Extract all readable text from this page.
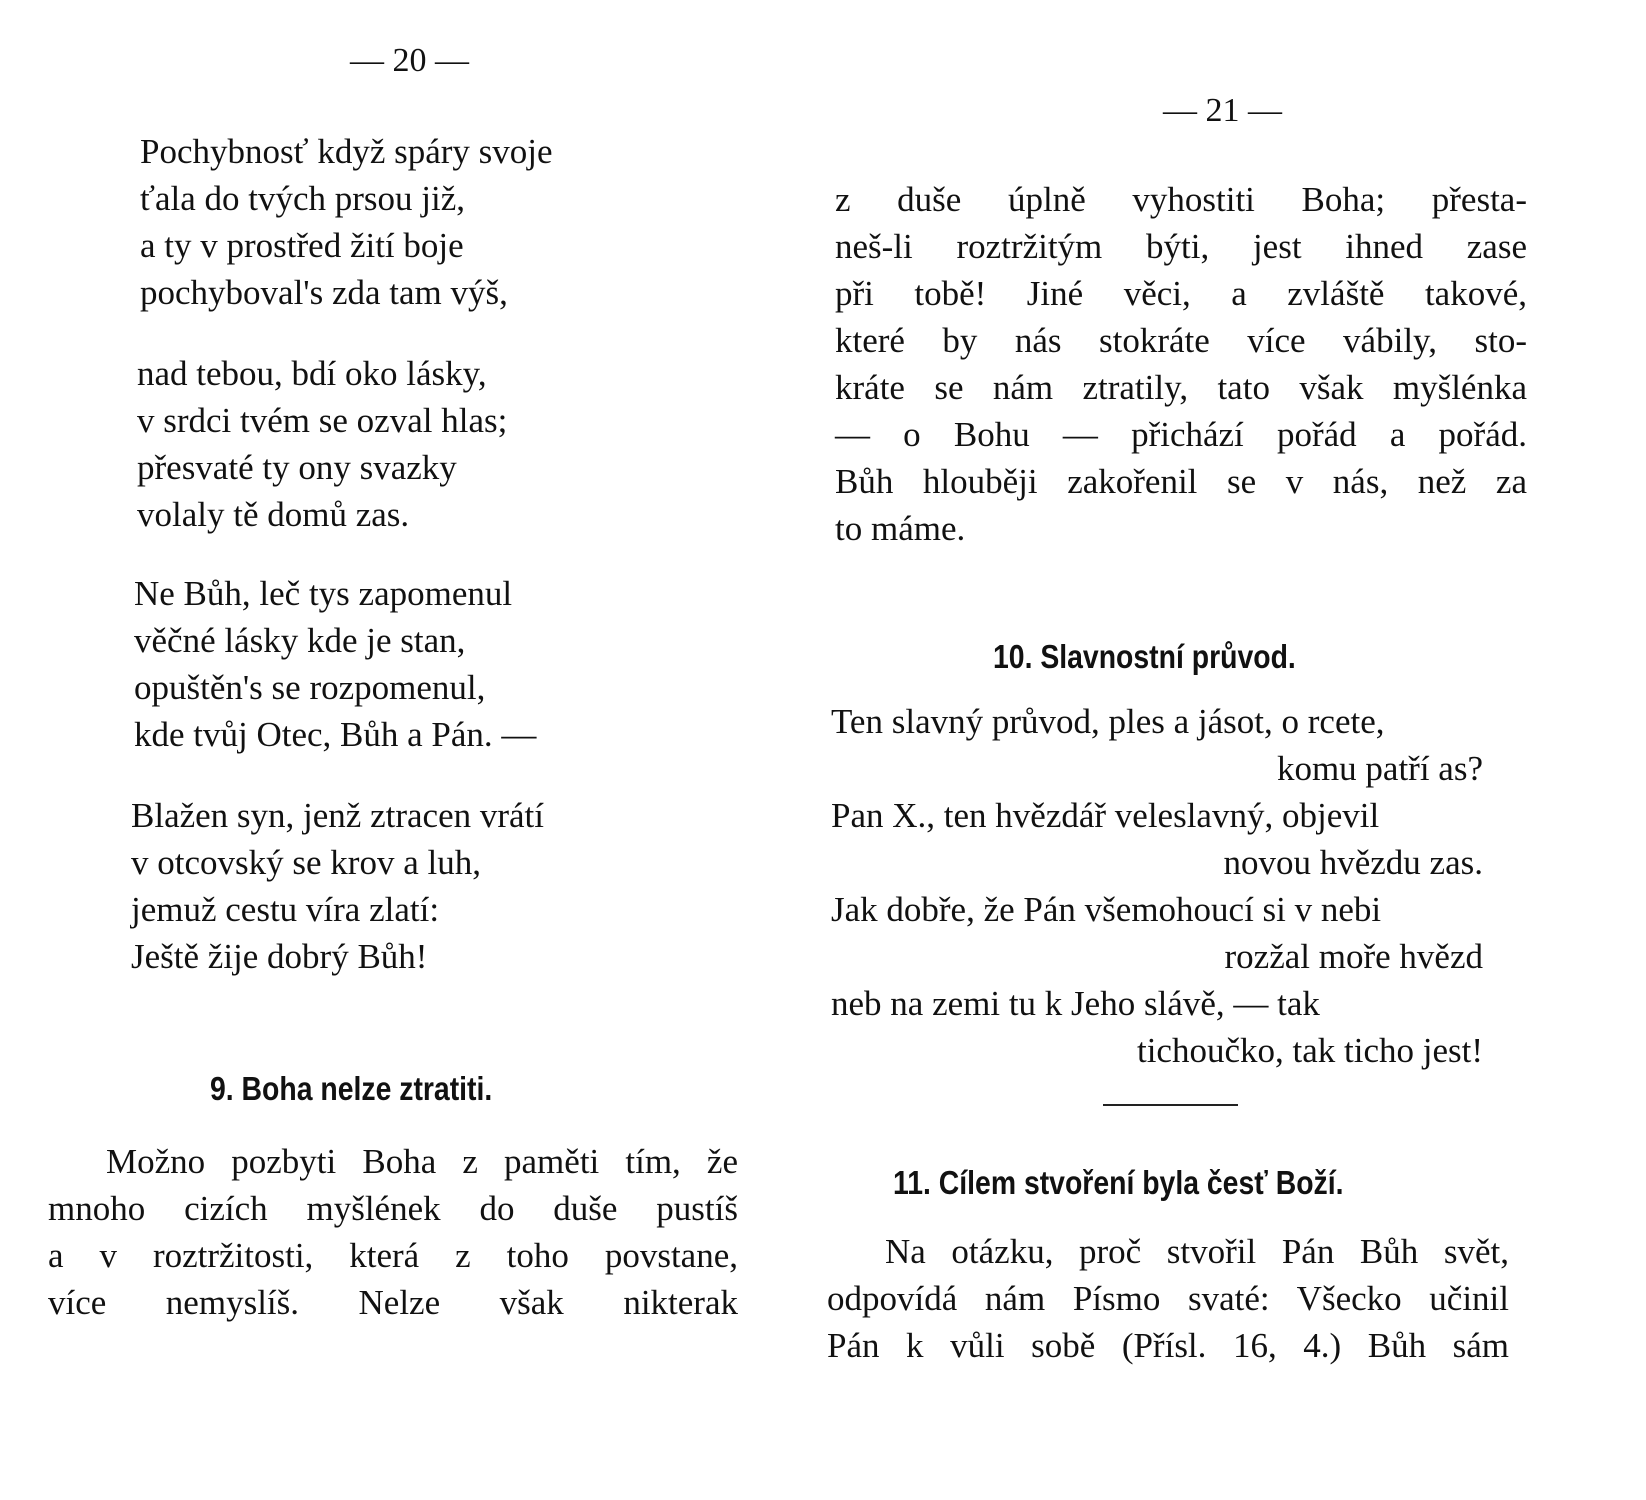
— 20 —
Pochybnosť když spáry svoje
ťala do tvých prsou již,
a ty v prostřed žití boje
pochyboval's zda tam výš,
nad tebou, bdí oko lásky,
v srdci tvém se ozval hlas;
přesvaté ty ony svazky
volaly tě domů zas.
Ne Bůh, leč tys zapomenul
věčné lásky kde je stan,
opuštěn's se rozpomenul,
kde tvůj Otec, Bůh a Pán. —
Blažen syn, jenž ztracen vrátí
v otcovský se krov a luh,
jemuž cestu víra zlatí:
Ještě žije dobrý Bůh!
9. Boha nelze ztratiti.
Možno pozbyti Boha z paměti tím, že
mnoho cizích myšlének do duše pustíš
a v roztržitosti, která z toho povstane,
více nemyslíš. Nelze však nikterak
— 21 —
z duše úplně vyhostiti Boha; přesta-
neš-li roztržitým býti, jest ihned zase
při tobě! Jiné věci, a zvláště takové,
které by nás stokráte více vábily, sto-
kráte se nám ztratily, tato však myšlénka
— o Bohu — přichází pořád a pořád.
Bůh hlouběji zakořenil se v nás, než za
to máme.
10. Slavnostní průvod.
Ten slavný průvod, ples a jásot, o rcete,
komu patří as?
Pan X., ten hvězdář veleslavný, objevil
novou hvězdu zas.
Jak dobře, že Pán všemohoucí si v nebi
rozžal moře hvězd
neb na zemi tu k Jeho slávě, — tak
tichoučko, tak ticho jest!
11. Cílem stvoření byla česť Boží.
Na otázku, proč stvořil Pán Bůh svět,
odpovídá nám Písmo svaté: Všecko učinil
Pán k vůli sobě (Přísl. 16, 4.) Bůh sám
